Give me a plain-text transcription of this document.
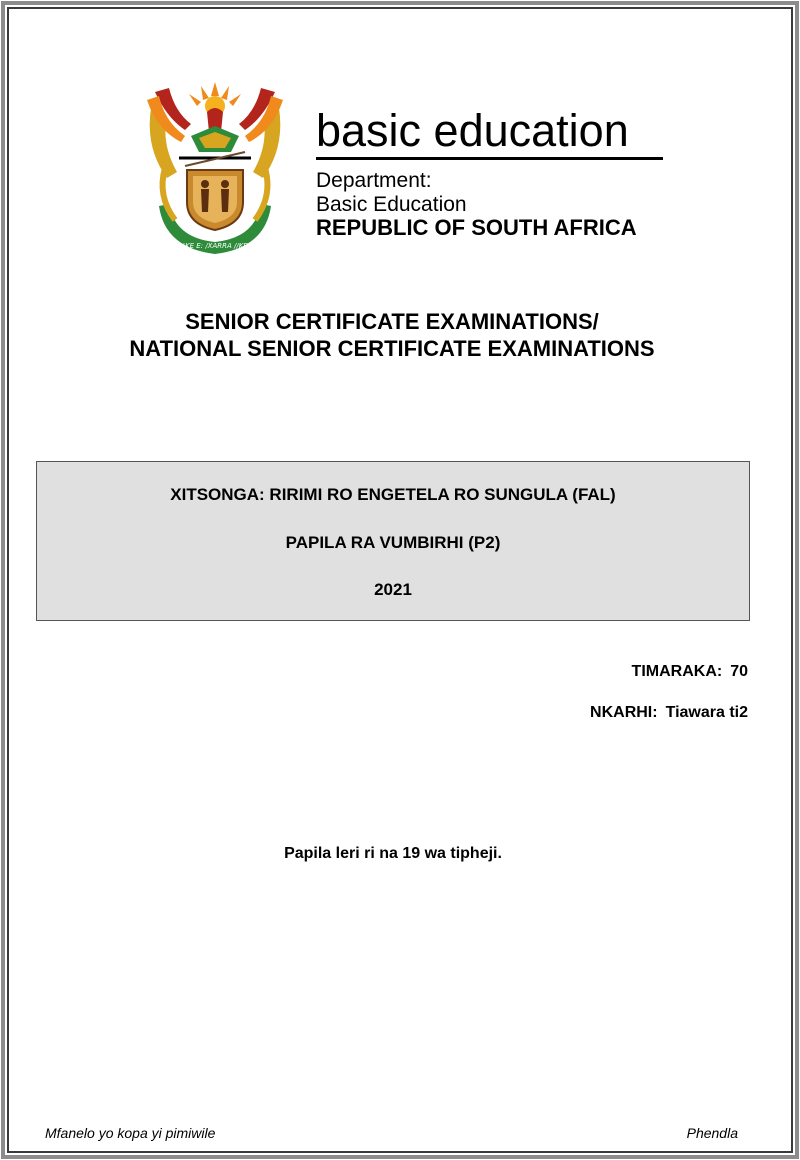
!KE E: /XARRA //KE
basic education
Department:
Basic Education
REPUBLIC OF SOUTH AFRICA
SENIOR CERTIFICATE EXAMINATIONS/
NATIONAL SENIOR CERTIFICATE EXAMINATIONS
XITSONGA: RIRIMI RO ENGETELA RO SUNGULA (FAL)
PAPILA RA VUMBIRHI (P2)
2021
TIMARAKA: 70
NKARHI: Tiawara ti2
Papila leri ri na 19 wa tipheji.
Mfanelo yo kopa yi pimiwile	Phendla
